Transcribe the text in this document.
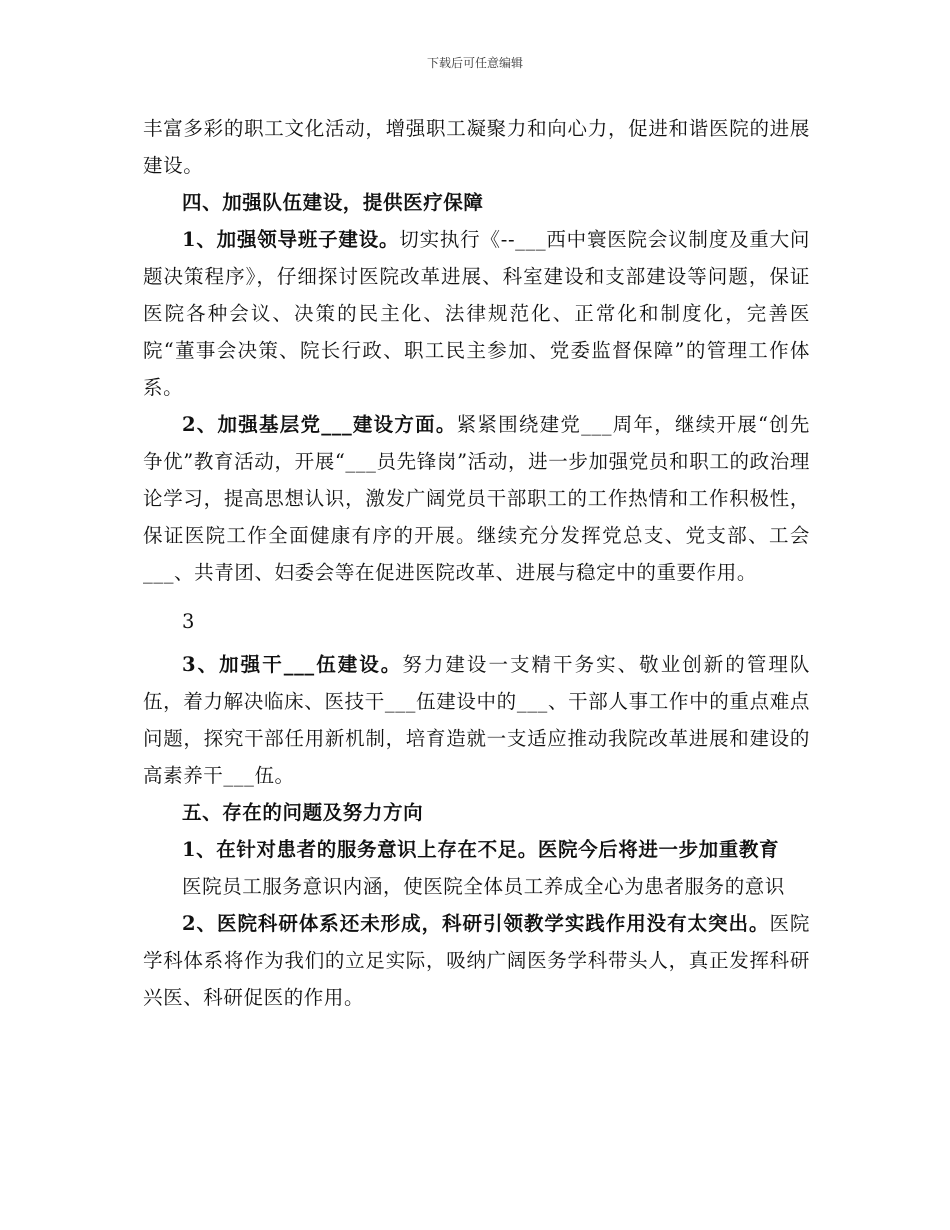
下载后可任意编辑

丰富多彩的职工文化活动，增强职工凝聚力和向心力，促进和谐医院的进展建设。

四、加强队伍建设，提供医疗保障

1、加强领导班子建设。切实执行《--___西中寰医院会议制度及重大问题决策程序》，仔细探讨医院改革进展、科室建设和支部建设等问题，保证医院各种会议、决策的民主化、法律规范化、正常化和制度化，完善医院“董事会决策、院长行政、职工民主参加、党委监督保障”的管理工作体系。

2、加强基层党___建设方面。紧紧围绕建党___周年，继续开展“创先争优”教育活动，开展“___员先锋岗”活动，进一步加强党员和职工的政治理论学习，提高思想认识，激发广阔党员干部职工的工作热情和工作积极性，保证医院工作全面健康有序的开展。继续充分发挥党总支、党支部、工会___、共青团、妇委会等在促进医院改革、进展与稳定中的重要作用。

3

3、加强干___伍建设。努力建设一支精干务实、敬业创新的管理队伍，着力解决临床、医技干___伍建设中的___、干部人事工作中的重点难点问题，探究干部任用新机制，培育造就一支适应推动我院改革进展和建设的高素养干___伍。

五、存在的问题及努力方向

1、在针对患者的服务意识上存在不足。医院今后将进一步加重教育

医院员工服务意识内涵，使医院全体员工养成全心为患者服务的意识

2、医院科研体系还未形成，科研引领教学实践作用没有太突出。医院学科体系将作为我们的立足实际，吸纳广阔医务学科带头人，真正发挥科研兴医、科研促医的作用。
